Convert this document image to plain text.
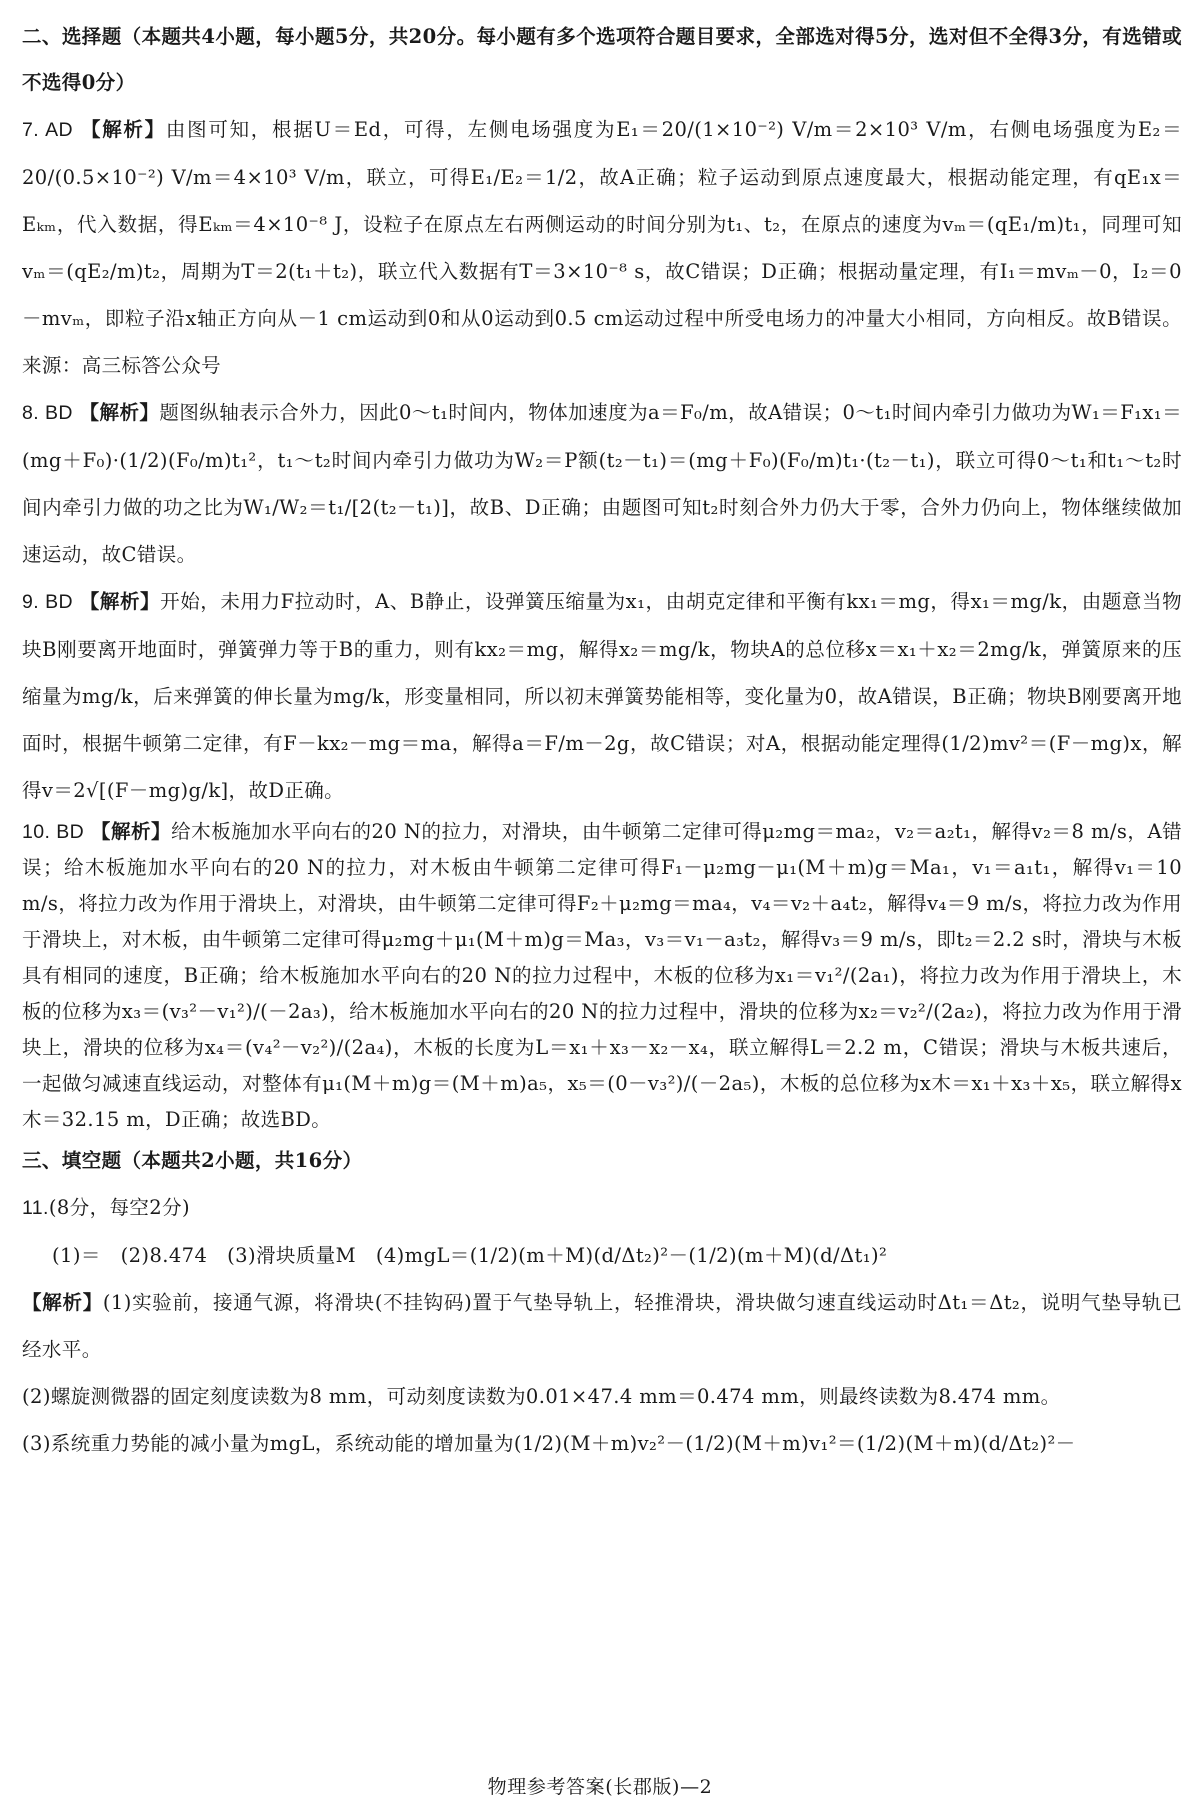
二、选择题（本题共4小题，每小题5分，共20分。每小题有多个选项符合题目要求，全部选对得5分，选对但不全得3分，有选错或不选得0分）

7. AD 【解析】由图可知，根据U＝Ed，可得，左侧电场强度为E₁＝20/(1×10⁻²) V/m＝2×10³ V/m，右侧电场强度为E₂＝20/(0.5×10⁻²) V/m＝4×10³ V/m，联立，可得E₁/E₂＝1/2，故A正确；粒子运动到原点速度最大，根据动能定理，有qE₁x＝Eₖₘ，代入数据，得Eₖₘ＝4×10⁻⁸ J，设粒子在原点左右两侧运动的时间分别为t₁、t₂，在原点的速度为vₘ＝(qE₁/m)t₁，同理可知vₘ＝(qE₂/m)t₂，周期为T＝2(t₁＋t₂)，联立代入数据有T＝3×10⁻⁸ s，故C错误；D正确；根据动量定理，有I₁＝mvₘ－0，I₂＝0－mvₘ，即粒子沿x轴正方向从－1 cm运动到0和从0运动到0.5 cm运动过程中所受电场力的冲量大小相同，方向相反。故B错误。来源：高三标答公众号
8. BD 【解析】题图纵轴表示合外力，因此0～t₁时间内，物体加速度为a＝F₀/m，故A错误；0～t₁时间内牵引力做功为W₁＝F₁x₁＝(mg＋F₀)·(1/2)(F₀/m)t₁²，t₁～t₂时间内牵引力做功为W₂＝P额(t₂－t₁)＝(mg＋F₀)(F₀/m)t₁·(t₂－t₁)，联立可得0～t₁和t₁～t₂时间内牵引力做的功之比为W₁/W₂＝t₁/[2(t₂－t₁)]，故B、D正确；由题图可知t₂时刻合外力仍大于零，合外力仍向上，物体继续做加速运动，故C错误。
9. BD 【解析】开始，未用力F拉动时，A、B静止，设弹簧压缩量为x₁，由胡克定律和平衡有kx₁＝mg，得x₁＝mg/k，由题意当物块B刚要离开地面时，弹簧弹力等于B的重力，则有kx₂＝mg，解得x₂＝mg/k，物块A的总位移x＝x₁＋x₂＝2mg/k，弹簧原来的压缩量为mg/k，后来弹簧的伸长量为mg/k，形变量相同，所以初末弹簧势能相等，变化量为0，故A错误，B正确；物块B刚要离开地面时，根据牛顿第二定律，有F－kx₂－mg＝ma，解得a＝F/m－2g，故C错误；对A，根据动能定理得(1/2)mv²＝(F－mg)x，解得v＝2√[(F－mg)g/k]，故D正确。
10. BD 【解析】给木板施加水平向右的20 N的拉力，对滑块，由牛顿第二定律可得μ₂mg＝ma₂，v₂＝a₂t₁，解得v₂＝8 m/s，A错误；给木板施加水平向右的20 N的拉力，对木板由牛顿第二定律可得F₁－μ₂mg－μ₁(M＋m)g＝Ma₁，v₁＝a₁t₁，解得v₁＝10 m/s，将拉力改为作用于滑块上，对滑块，由牛顿第二定律可得F₂＋μ₂mg＝ma₄，v₄＝v₂＋a₄t₂，解得v₄＝9 m/s，将拉力改为作用于滑块上，对木板，由牛顿第二定律可得μ₂mg＋μ₁(M＋m)g＝Ma₃，v₃＝v₁－a₃t₂，解得v₃＝9 m/s，即t₂＝2.2 s时，滑块与木板具有相同的速度，B正确；给木板施加水平向右的20 N的拉力过程中，木板的位移为x₁＝v₁²/(2a₁)，将拉力改为作用于滑块上，木板的位移为x₃＝(v₃²－v₁²)/(－2a₃)，给木板施加水平向右的20 N的拉力过程中，滑块的位移为x₂＝v₂²/(2a₂)，将拉力改为作用于滑块上，滑块的位移为x₄＝(v₄²－v₂²)/(2a₄)，木板的长度为L＝x₁＋x₃－x₂－x₄，联立解得L＝2.2 m，C错误；滑块与木板共速后，一起做匀减速直线运动，对整体有μ₁(M＋m)g＝(M＋m)a₅，x₅＝(0－v₃²)/(－2a₅)，木板的总位移为x木＝x₁＋x₃＋x₅，联立解得x木＝32.15 m，D正确；故选BD。

三、填空题（本题共2小题，共16分）

11.(8分，每空2分)
(1)＝　(2)8.474　(3)滑块质量M　(4)mgL＝(1/2)(m＋M)(d/Δt₂)²－(1/2)(m＋M)(d/Δt₁)²
【解析】(1)实验前，接通气源，将滑块(不挂钩码)置于气垫导轨上，轻推滑块，滑块做匀速直线运动时Δt₁＝Δt₂，说明气垫导轨已经水平。
(2)螺旋测微器的固定刻度读数为8 mm，可动刻度读数为0.01×47.4 mm＝0.474 mm，则最终读数为8.474 mm。
(3)系统重力势能的减小量为mgL，系统动能的增加量为(1/2)(M＋m)v₂²－(1/2)(M＋m)v₁²＝(1/2)(M＋m)(d/Δt₂)²－
物理参考答案(长郡版)—2
